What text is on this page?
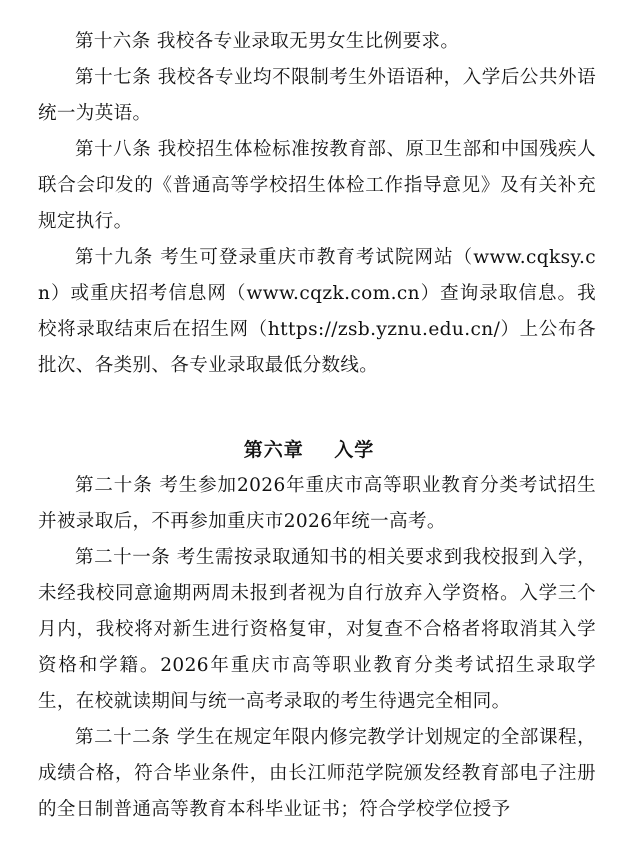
第十六条 我校各专业录取无男女生比例要求。

第十七条 我校各专业均不限制考生外语语种，入学后公共外语统一为英语。

第十八条 我校招生体检标准按教育部、原卫生部和中国残疾人联合会印发的《普通高等学校招生体检工作指导意见》及有关补充规定执行。

第十九条 考生可登录重庆市教育考试院网站（www.cqksy.cn）或重庆招考信息网（www.cqzk.com.cn）查询录取信息。我校将录取结束后在招生网（https://zsb.yznu.edu.cn/）上公布各批次、各类别、各专业录取最低分数线。

第六章    入学

第二十条 考生参加2026年重庆市高等职业教育分类考试招生并被录取后，不再参加重庆市2026年统一高考。

第二十一条 考生需按录取通知书的相关要求到我校报到入学，未经我校同意逾期两周未报到者视为自行放弃入学资格。入学三个月内，我校将对新生进行资格复审，对复查不合格者将取消其入学资格和学籍。2026年重庆市高等职业教育分类考试招生录取学生，在校就读期间与统一高考录取的考生待遇完全相同。

第二十二条 学生在规定年限内修完教学计划规定的全部课程，成绩合格，符合毕业条件，由长江师范学院颁发经教育部电子注册的全日制普通高等教育本科毕业证书；符合学校学位授予
